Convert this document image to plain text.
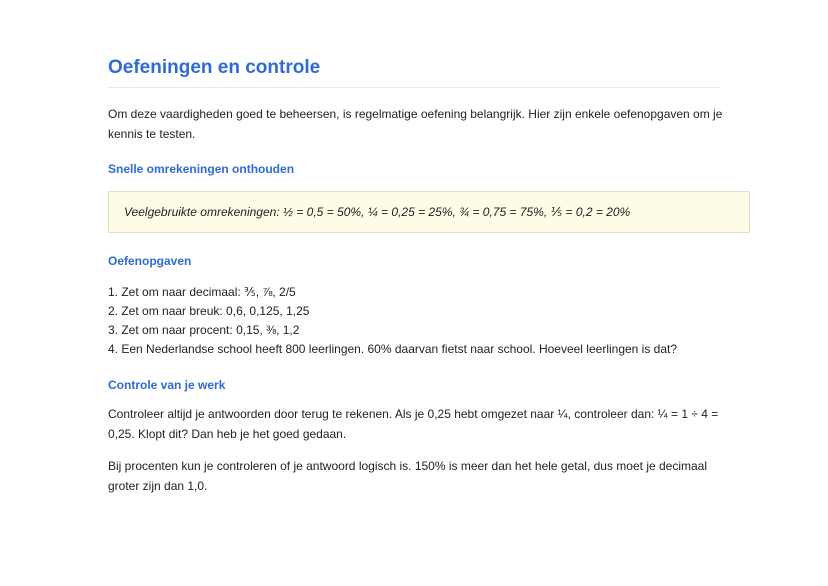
Oefeningen en controle

Om deze vaardigheden goed te beheersen, is regelmatige oefening belangrijk. Hier zijn enkele oefenopgaven om je kennis te testen.

Snelle omrekeningen onthouden
Veelgebruikte omrekeningen: ½ = 0,5 = 50%, ¼ = 0,25 = 25%, ¾ = 0,75 = 75%, ⅕ = 0,2 = 20%
Oefenopgaven
1. Zet om naar decimaal: ⅗, ⅞, 2/5
2. Zet om naar breuk: 0,6, 0,125, 1,25
3. Zet om naar procent: 0,15, ⅜, 1,2
4. Een Nederlandse school heeft 800 leerlingen. 60% daarvan fietst naar school. Hoeveel leerlingen is dat?
Controle van je werk

Controleer altijd je antwoorden door terug te rekenen. Als je 0,25 hebt omgezet naar ¼, controleer dan: ¼ = 1 ÷ 4 = 0,25. Klopt dit? Dan heb je het goed gedaan.

Bij procenten kun je controleren of je antwoord logisch is. 150% is meer dan het hele getal, dus moet je decimaal groter zijn dan 1,0.
